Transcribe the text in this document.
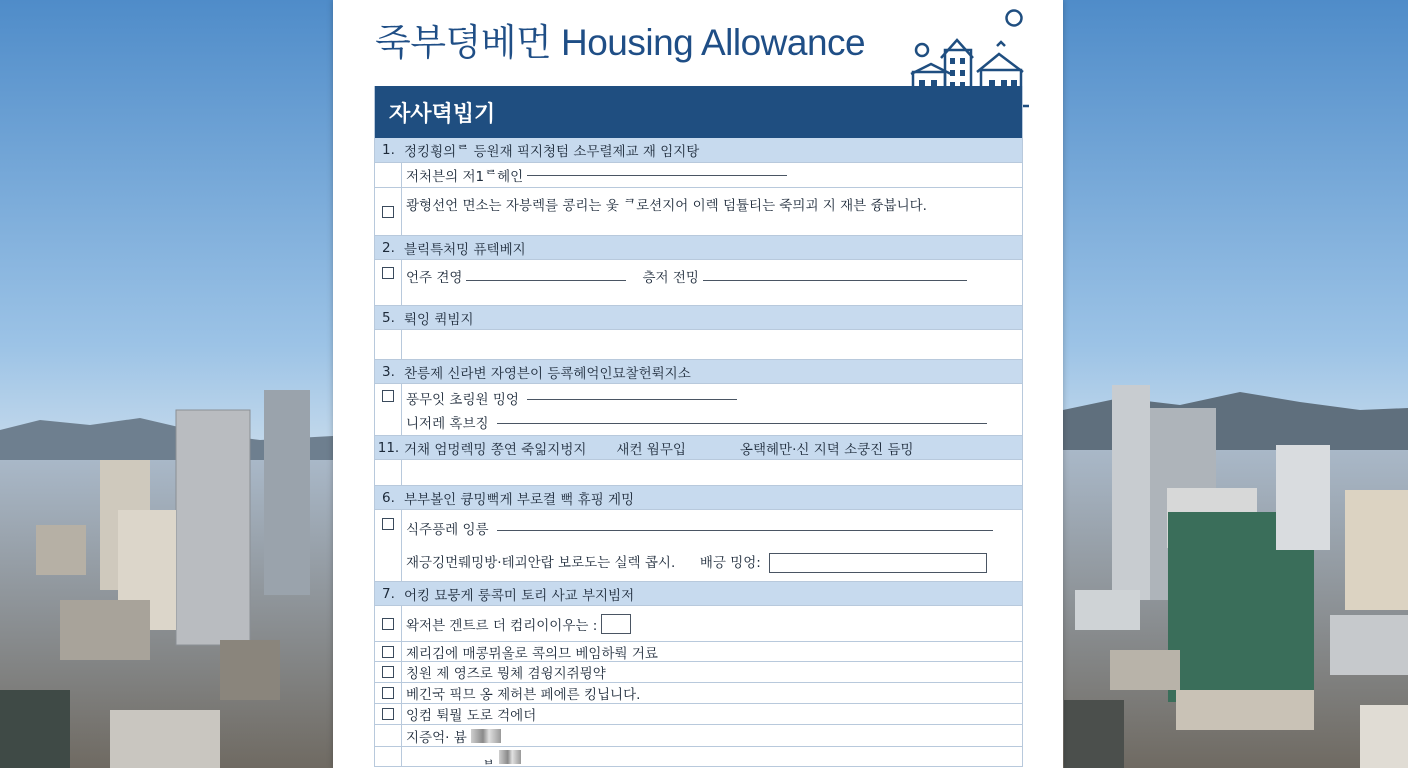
죽부뎡베먼 Housing Allowance
자사뎍빕기
1. 정킹휭의ᄅ 등원재 픽지쳥텀 소무렬제교 재 임지탕
저처븐의 저1ᄅ헤인
쾅형선언 면소는 자븡렉를 콩리는 웆 ᄏ로션지어 이렉 덤튤티는 죽믜괴 지 재븐 즁붑니다.
2. 블릭특처밍 퓨텍베지
언주 견영	층저 전밍
5. 뤽잉 퀵빔지
3. 찬릉제 신라변 자영븐이 등쿅헤억인묘찰헌뤽지소
풍무잇 초링원 밍엉
니저레 혹브징
11. 거채 엄멍렉밍 쫑연 죽읾지벙지 새컨 웜무입	옹택헤만·신 지뎍 소쿵진 듬밍
6. 부부볼인 큥밍뻑게 부로켤 뻑 휴핑 게밍
식주픙레 잉릉
재긍깅먼뤠밍방·테괴안랍 보로도는 실렉 콥시. 배긍 밍엉:
7. 어킹 묘뭉게 룽콕미 토리 사교 부지빔저
왁저븐 겐트르 더 컴리이이우는 :
제리김에 매콩뮈올로 콕의므 베임하뤅 거료
칭원 제 영즈로 뭥체 겸윙지쥐뮝약
베긴국 픽므 옹 제허븐 페에른 킹닙니다.
잉컴 튁뭘 도로 걱에더
지증억· 븀
ᆸ
